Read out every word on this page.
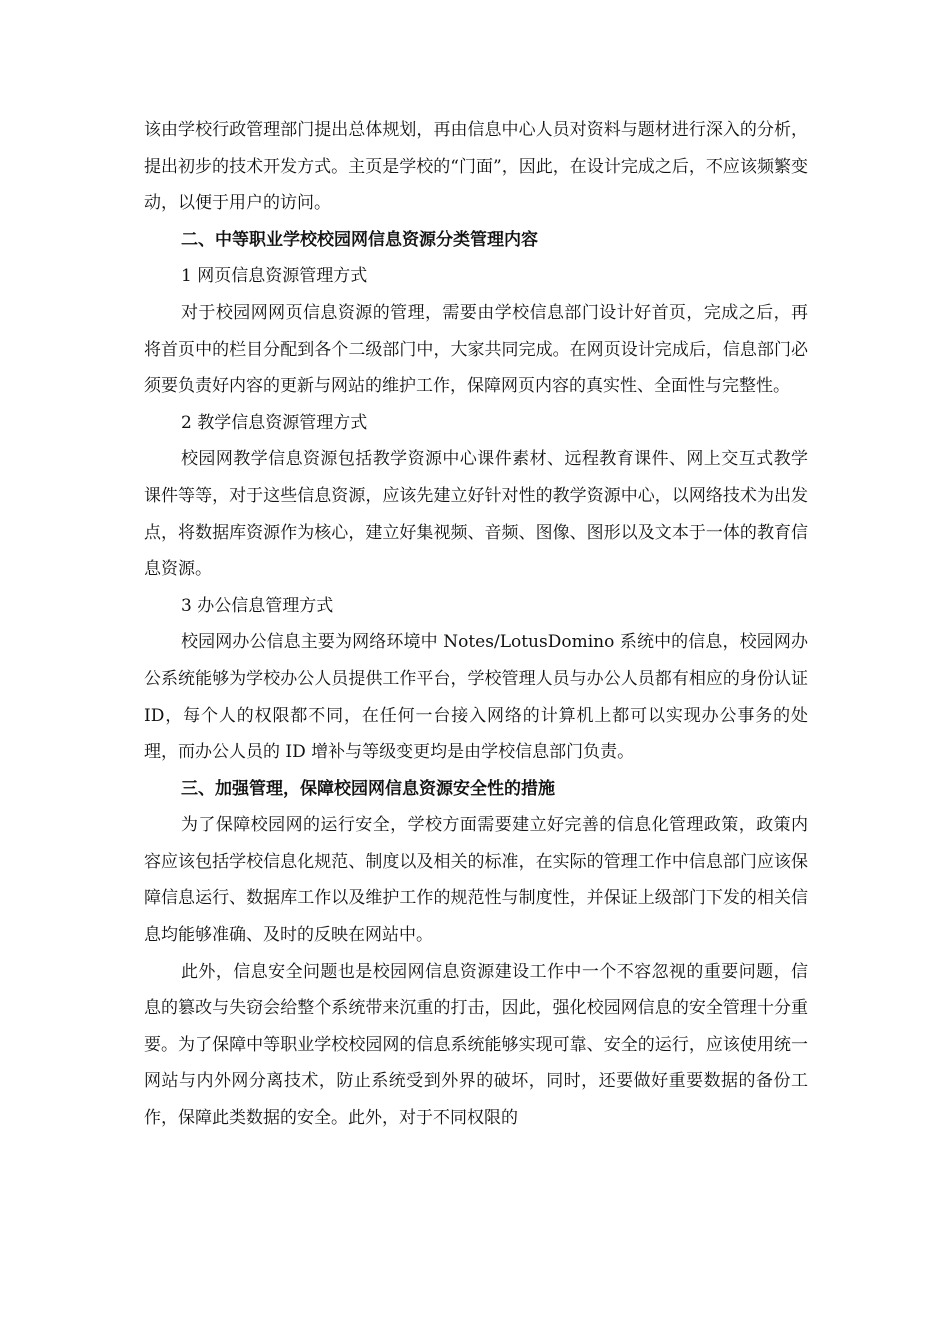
该由学校行政管理部门提出总体规划，再由信息中心人员对资料与题材进行深入的分析，提出初步的技术开发方式。主页是学校的“门面”，因此，在设计完成之后，不应该频繁变动，以便于用户的访问。

二、中等职业学校校园网信息资源分类管理内容

1 网页信息资源管理方式

对于校园网网页信息资源的管理，需要由学校信息部门设计好首页，完成之后，再将首页中的栏目分配到各个二级部门中，大家共同完成。在网页设计完成后，信息部门必须要负责好内容的更新与网站的维护工作，保障网页内容的真实性、全面性与完整性。

2 教学信息资源管理方式

校园网教学信息资源包括教学资源中心课件素材、远程教育课件、网上交互式教学课件等等，对于这些信息资源，应该先建立好针对性的教学资源中心，以网络技术为出发点，将数据库资源作为核心，建立好集视频、音频、图像、图形以及文本于一体的教育信息资源。

3 办公信息管理方式

校园网办公信息主要为网络环境中 Notes/LotusDomino 系统中的信息，校园网办公系统能够为学校办公人员提供工作平台，学校管理人员与办公人员都有相应的身份认证 ID，每个人的权限都不同，在任何一台接入网络的计算机上都可以实现办公事务的处理，而办公人员的 ID 增补与等级变更均是由学校信息部门负责。

三、加强管理，保障校园网信息资源安全性的措施

为了保障校园网的运行安全，学校方面需要建立好完善的信息化管理政策，政策内容应该包括学校信息化规范、制度以及相关的标准，在实际的管理工作中信息部门应该保障信息运行、数据库工作以及维护工作的规范性与制度性，并保证上级部门下发的相关信息均能够准确、及时的反映在网站中。

此外，信息安全问题也是校园网信息资源建设工作中一个不容忽视的重要问题，信息的篡改与失窃会给整个系统带来沉重的打击，因此，强化校园网信息的安全管理十分重要。为了保障中等职业学校校园网的信息系统能够实现可靠、安全的运行，应该使用统一网站与内外网分离技术，防止系统受到外界的破坏，同时，还要做好重要数据的备份工作，保障此类数据的安全。此外，对于不同权限的
